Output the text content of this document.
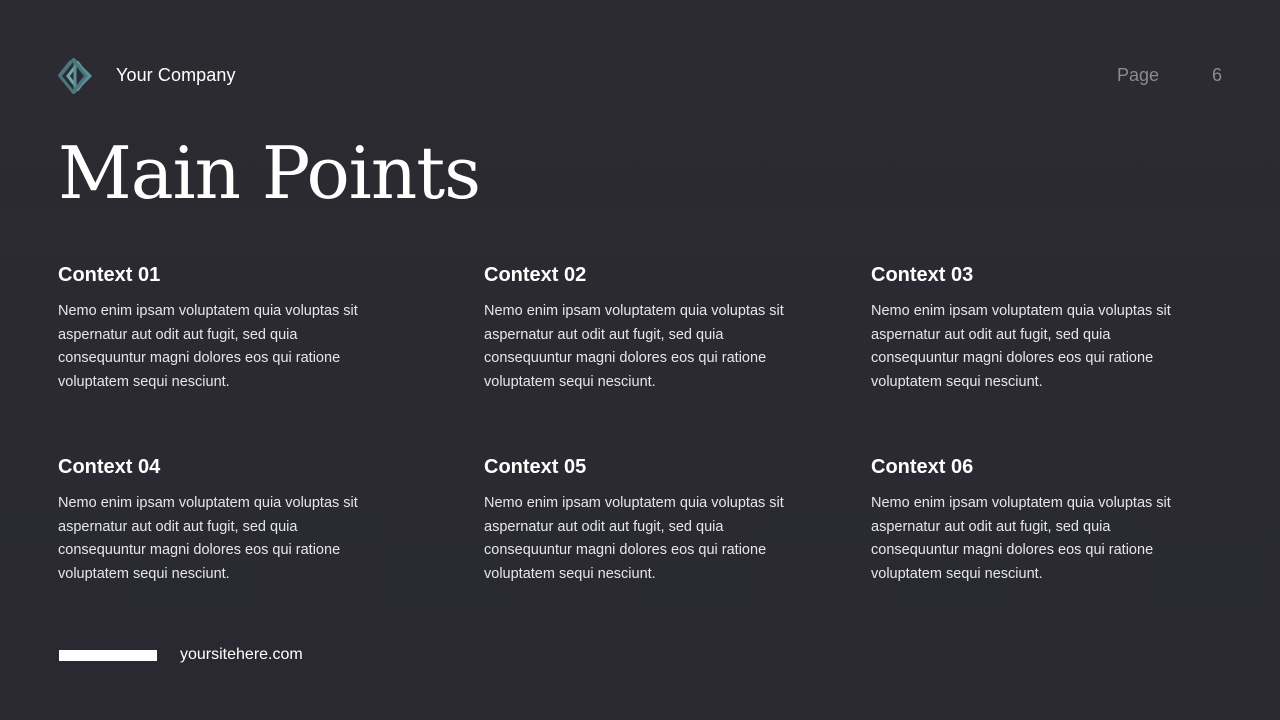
Your Company	Page	6
Main Points
Context 01

Nemo enim ipsam voluptatem quia voluptas sit aspernatur aut odit aut fugit, sed quia consequuntur magni dolores eos qui ratione voluptatem sequi nesciunt.

Context 02

Nemo enim ipsam voluptatem quia voluptas sit aspernatur aut odit aut fugit, sed quia consequuntur magni dolores eos qui ratione voluptatem sequi nesciunt.

Context 03

Nemo enim ipsam voluptatem quia voluptas sit aspernatur aut odit aut fugit, sed quia consequuntur magni dolores eos qui ratione voluptatem sequi nesciunt.

Context 04

Nemo enim ipsam voluptatem quia voluptas sit aspernatur aut odit aut fugit, sed quia consequuntur magni dolores eos qui ratione voluptatem sequi nesciunt.

Context 05

Nemo enim ipsam voluptatem quia voluptas sit aspernatur aut odit aut fugit, sed quia consequuntur magni dolores eos qui ratione voluptatem sequi nesciunt.

Context 06

Nemo enim ipsam voluptatem quia voluptas sit aspernatur aut odit aut fugit, sed quia consequuntur magni dolores eos qui ratione voluptatem sequi nesciunt.

yoursitehere.com
